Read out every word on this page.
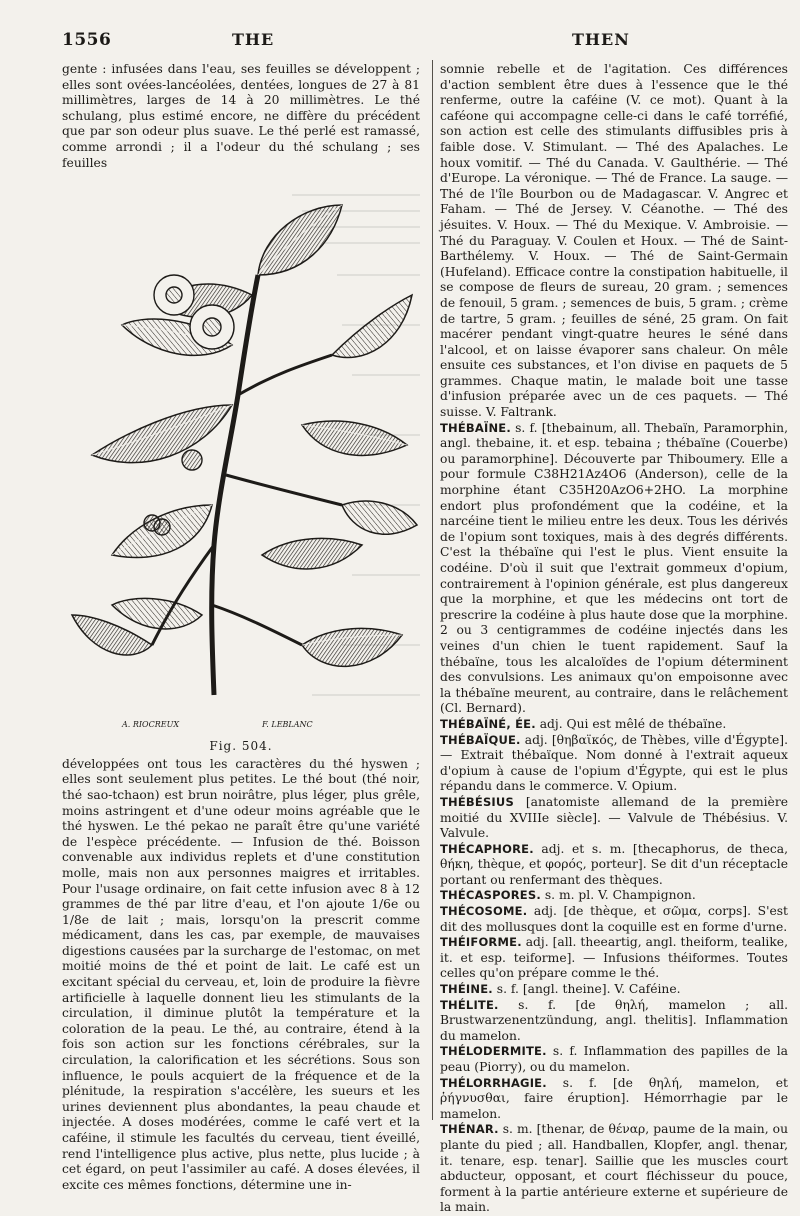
1556	THE	THEN

gente : infusées dans l'eau, ses feuilles se développent ; elles sont ovées-lancéolées, dentées, longues de 27 à 81 millimètres, larges de 14 à 20 millimètres. Le thé schulang, plus estimé encore, ne diffère du précédent que par son odeur plus suave. Le thé perlé est ramassé, comme arrondi ; il a l'odeur du thé schulang ; ses feuilles

A. RIOCREUX	F. LEBLANC
Fig. 504.

développées ont tous les caractères du thé hyswen ; elles sont seulement plus petites. Le thé bout (thé noir, thé sao-tchaon) est brun noirâtre, plus léger, plus grêle, moins astringent et d'une odeur moins agréable que le thé hyswen. Le thé pekao ne paraît être qu'une variété de l'espèce précédente. — Infusion de thé. Boisson convenable aux individus replets et d'une constitution molle, mais non aux personnes maigres et irritables. Pour l'usage ordinaire, on fait cette infusion avec 8 à 12 grammes de thé par litre d'eau, et l'on ajoute 1/6e ou 1/8e de lait ; mais, lorsqu'on la prescrit comme médicament, dans les cas, par exemple, de mauvaises digestions causées par la surcharge de l'estomac, on met moitié moins de thé et point de lait. Le café est un excitant spécial du cerveau, et, loin de produire la fièvre artificielle à laquelle donnent lieu les stimulants de la circulation, il diminue plutôt la température et la coloration de la peau. Le thé, au contraire, étend à la fois son action sur les fonctions cérébrales, sur la circulation, la calorification et les sécrétions. Sous son influence, le pouls acquiert de la fréquence et de la plénitude, la respiration s'accélère, les sueurs et les urines deviennent plus abondantes, la peau chaude et injectée. A doses modérées, comme le café vert et la caféine, il stimule les facultés du cerveau, tient éveillé, rend l'intelligence plus active, plus nette, plus lucide ; à cet égard, on peut l'assimiler au café. A doses élevées, il excite ces mêmes fonctions, détermine une in-

somnie rebelle et de l'agitation. Ces différences d'action semblent être dues à l'essence que le thé renferme, outre la caféine (V. ce mot). Quant à la caféone qui accompagne celle-ci dans le café torréfié, son action est celle des stimulants diffusibles pris à faible dose. V. Stimulant. — Thé des Apalaches. Le houx vomitif. — Thé du Canada. V. Gaulthérie. — Thé d'Europe. La véronique. — Thé de France. La sauge. — Thé de l'île Bourbon ou de Madagascar. V. Angrec et Faham. — Thé de Jersey. V. Céanothe. — Thé des jésuites. V. Houx. — Thé du Mexique. V. Ambroisie. — Thé du Paraguay. V. Coulen et Houx. — Thé de Saint-Barthélemy. V. Houx. — Thé de Saint-Germain (Hufeland). Efficace contre la constipation habituelle, il se compose de fleurs de sureau, 20 gram. ; semences de fenouil, 5 gram. ; semences de buis, 5 gram. ; crème de tartre, 5 gram. ; feuilles de séné, 25 gram. On fait macérer pendant vingt-quatre heures le séné dans l'alcool, et on laisse évaporer sans chaleur. On mêle ensuite ces substances, et l'on divise en paquets de 5 grammes. Chaque matin, le malade boit une tasse d'infusion préparée avec un de ces paquets. — Thé suisse. V. Faltrank.

THÉBAÏNE. s. f. [thebainum, all. Thebaïn, Paramorphin, angl. thebaine, it. et esp. tebaina ; thébaïne (Couerbe) ou paramorphine]. Découverte par Thiboumery. Elle a pour formule C38H21Az4O6 (Anderson), celle de la morphine étant C35H20AzO6+2HO. La morphine endort plus profondément que la codéine, et la narcéine tient le milieu entre les deux. Tous les dérivés de l'opium sont toxiques, mais à des degrés différents. C'est la thébaïne qui l'est le plus. Vient ensuite la codéine. D'où il suit que l'extrait gommeux d'opium, contrairement à l'opinion générale, est plus dangereux que la morphine, et que les médecins ont tort de prescrire la codéine à plus haute dose que la morphine. 2 ou 3 centigrammes de codéine injectés dans les veines d'un chien le tuent rapidement. Sauf la thébaïne, tous les alcaloïdes de l'opium déterminent des convulsions. Les animaux qu'on empoisonne avec la thébaïne meurent, au contraire, dans le relâchement (Cl. Bernard).

THÉBAÏNÉ, ÉE. adj. Qui est mêlé de thébaïne.

THÉBAÏQUE. adj. [θηβαϊκός, de Thèbes, ville d'Égypte]. — Extrait thébaïque. Nom donné à l'extrait aqueux d'opium à cause de l'opium d'Égypte, qui est le plus répandu dans le commerce. V. Opium.

THÉBÉSIUS [anatomiste allemand de la première moitié du XVIIIe siècle]. — Valvule de Thébésius. V. Valvule.

THÉCAPHORE. adj. et s. m. [thecaphorus, de theca, θήκη, thèque, et φορός, porteur]. Se dit d'un réceptacle portant ou renfermant des thèques.

THÉCASPORES. s. m. pl. V. Champignon.

THÉCOSOME. adj. [de thèque, et σῶμα, corps]. S'est dit des mollusques dont la coquille est en forme d'urne.

THÉIFORME. adj. [all. theeartig, angl. theiform, tealike, it. et esp. teiforme]. — Infusions théiformes. Toutes celles qu'on prépare comme le thé.

THÉINE. s. f. [angl. theine]. V. Caféine.

THÉLITE. s. f. [de θηλή, mamelon ; all. Brustwarzenentzündung, angl. thelitis]. Inflammation du mamelon.

THÉLODERMITE. s. f. Inflammation des papilles de la peau (Piorry), ou du mamelon.

THÉLORRHAGIE. s. f. [de θηλή, mamelon, et ῥήγνυσθαι, faire éruption]. Hémorrhagie par le mamelon.

THÉNAR. s. m. [thenar, de θέναρ, paume de la main, ou plante du pied ; all. Handballen, Klopfer, angl. thenar, it. tenare, esp. tenar]. Saillie que les muscles court abducteur, opposant, et court fléchisseur du pouce, forment à la partie antérieure externe et supérieure de la main.
